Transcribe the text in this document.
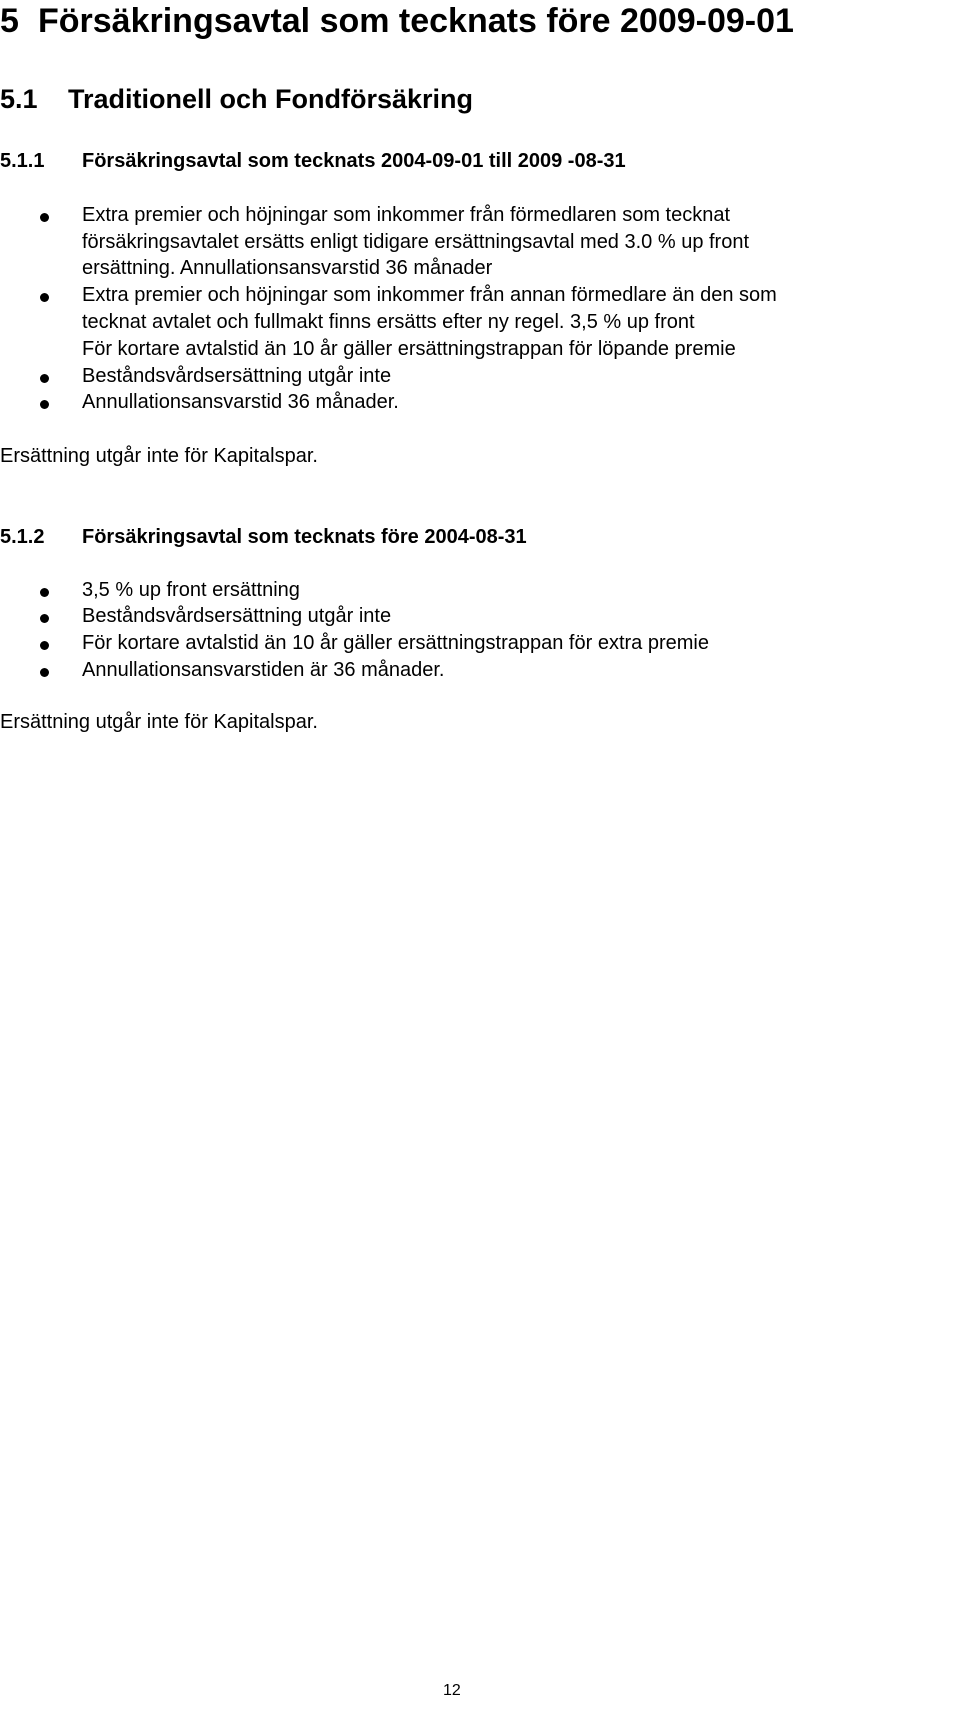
5 Försäkringsavtal som tecknats före 2009-09-01
5.1 Traditionell och Fondförsäkring
5.1.1 Försäkringsavtal som tecknats 2004-09-01 till 2009 -08-31
Extra premier och höjningar som inkommer från förmedlaren som tecknat
försäkringsavtalet ersätts enligt tidigare ersättningsavtal med 3.0 % up front
ersättning. Annullationsansvarstid 36 månader
Extra premier och höjningar som inkommer från annan förmedlare än den som
tecknat avtalet och fullmakt finns ersätts efter ny regel. 3,5 % up front
För kortare avtalstid än 10 år gäller ersättningstrappan för löpande premie
Beståndsvårdsersättning utgår inte
Annullationsansvarstid 36 månader.
Ersättning utgår inte för Kapitalspar.
5.1.2 Försäkringsavtal som tecknats före 2004-08-31
3,5 % up front ersättning
Beståndsvårdsersättning utgår inte
För kortare avtalstid än 10 år gäller ersättningstrappan för extra premie
Annullationsansvarstiden är 36 månader.
Ersättning utgår inte för Kapitalspar.
12
